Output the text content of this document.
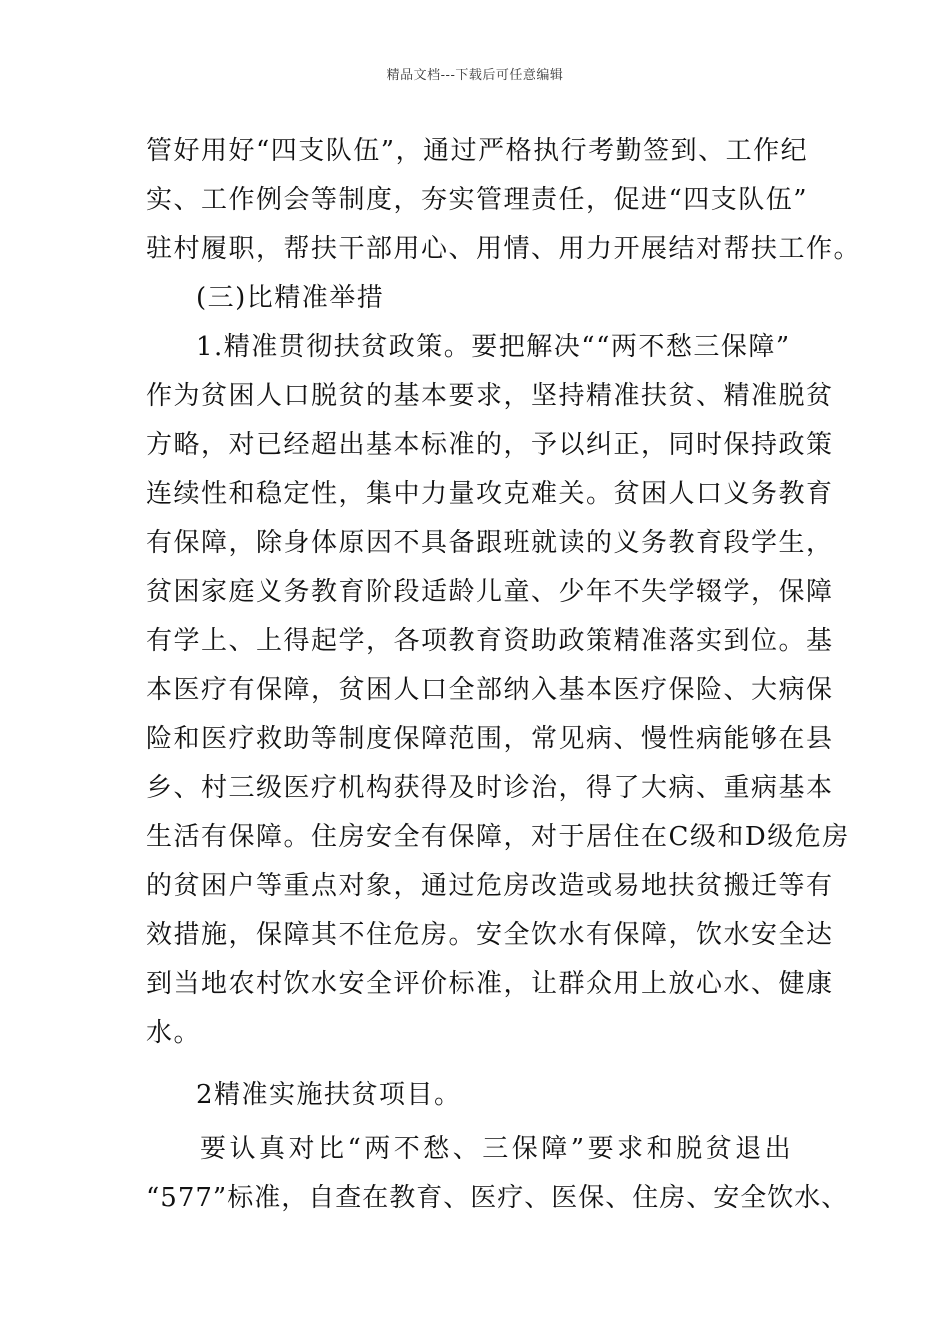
精品文档---下载后可任意编辑
管好用好“四支队伍”，通过严格执行考勤签到、工作纪
实、工作例会等制度，夯实管理责任，促进“四支队伍”
驻村履职，帮扶干部用心、用情、用力开展结对帮扶工作。
(三)比精准举措
1.精准贯彻扶贫政策。要把解决““两不愁三保障”
作为贫困人口脱贫的基本要求，坚持精准扶贫、精准脱贫
方略，对已经超出基本标准的，予以纠正，同时保持政策
连续性和稳定性，集中力量攻克难关。贫困人口义务教育
有保障，除身体原因不具备跟班就读的义务教育段学生，
贫困家庭义务教育阶段适龄儿童、少年不失学辍学，保障
有学上、上得起学，各项教育资助政策精准落实到位。基
本医疗有保障，贫困人口全部纳入基本医疗保险、大病保
险和医疗救助等制度保障范围，常见病、慢性病能够在县
乡、村三级医疗机构获得及时诊治，得了大病、重病基本
生活有保障。住房安全有保障，对于居住在C级和D级危房
的贫困户等重点对象，通过危房改造或易地扶贫搬迁等有
效措施，保障其不住危房。安全饮水有保障，饮水安全达
到当地农村饮水安全评价标准，让群众用上放心水、健康
水。
2精准实施扶贫项目。
要认真对比“两不愁、三保障”要求和脱贫退出
“577”标准，自查在教育、医疗、医保、住房、安全饮水、
